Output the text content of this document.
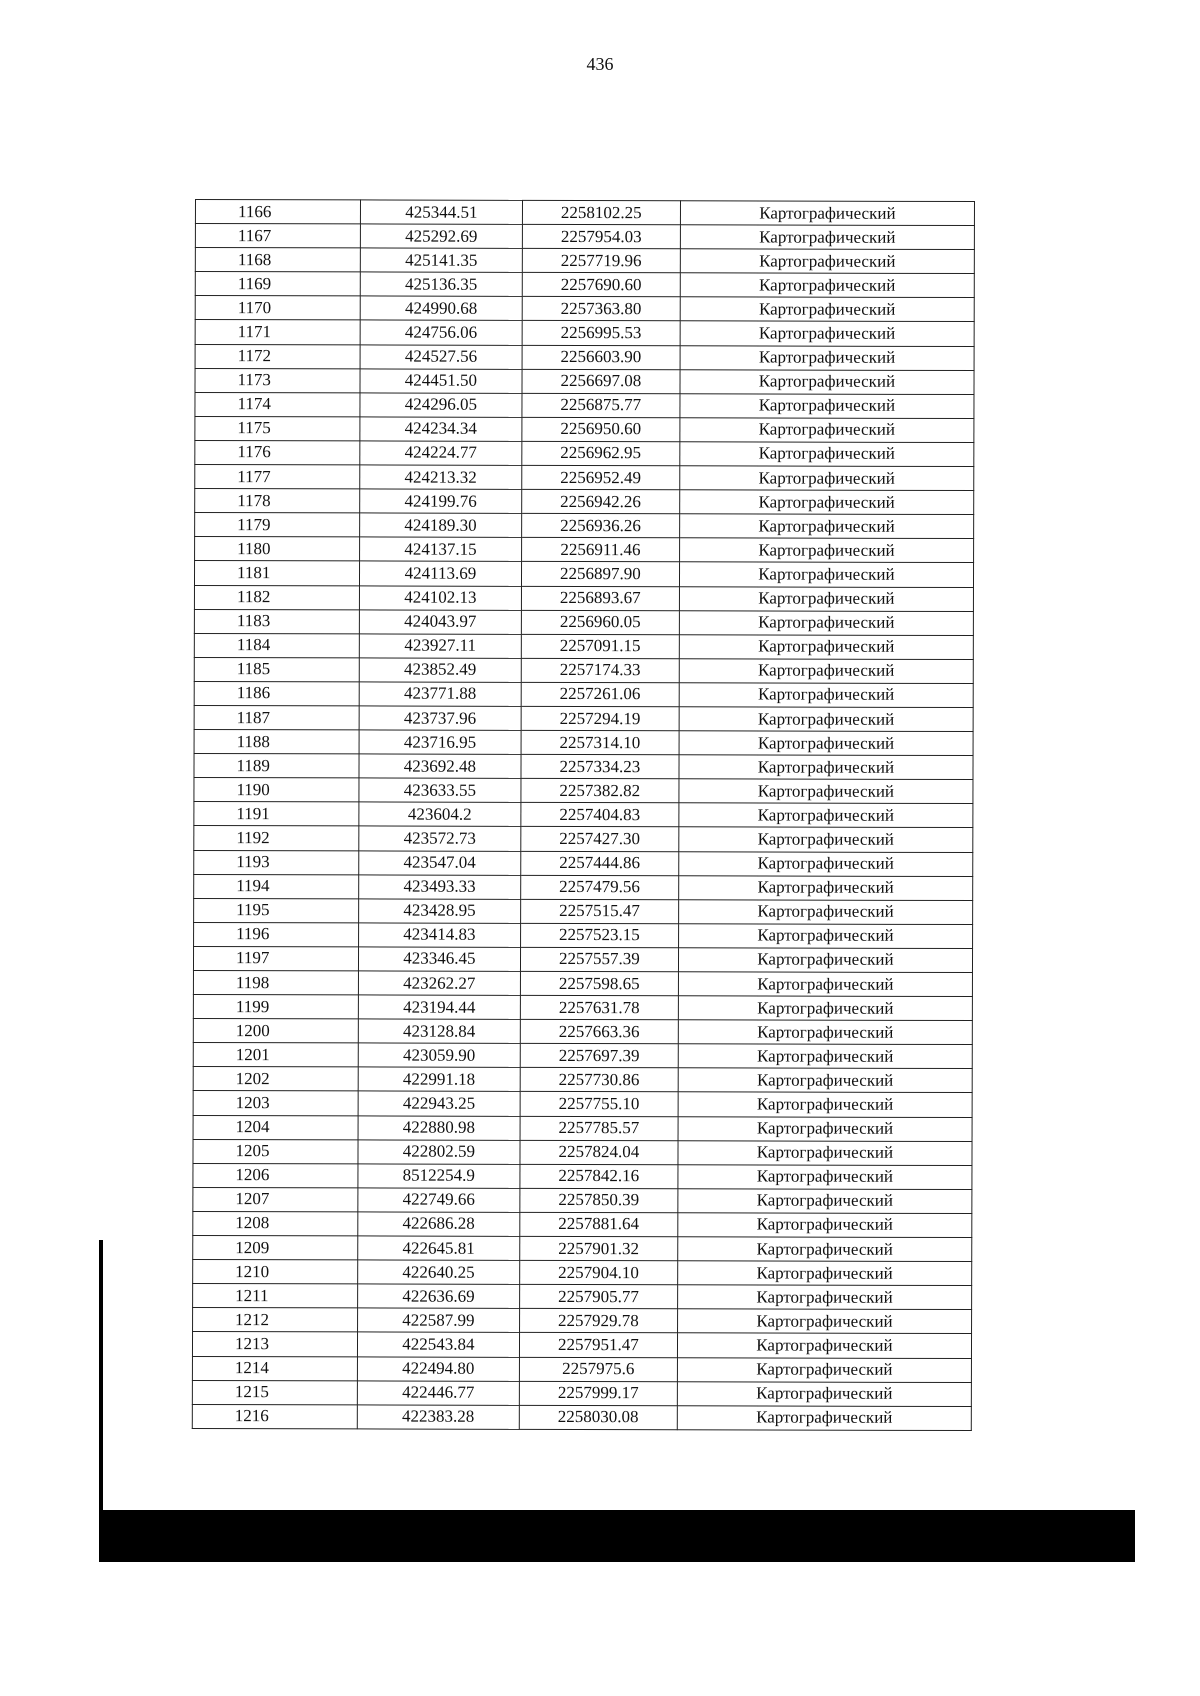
436
1166	425344.51	2258102.25	Картографический
1167	425292.69	2257954.03	Картографический
1168	425141.35	2257719.96	Картографический
1169	425136.35	2257690.60	Картографический
1170	424990.68	2257363.80	Картографический
1171	424756.06	2256995.53	Картографический
1172	424527.56	2256603.90	Картографический
1173	424451.50	2256697.08	Картографический
1174	424296.05	2256875.77	Картографический
1175	424234.34	2256950.60	Картографический
1176	424224.77	2256962.95	Картографический
1177	424213.32	2256952.49	Картографический
1178	424199.76	2256942.26	Картографический
1179	424189.30	2256936.26	Картографический
1180	424137.15	2256911.46	Картографический
1181	424113.69	2256897.90	Картографический
1182	424102.13	2256893.67	Картографический
1183	424043.97	2256960.05	Картографический
1184	423927.11	2257091.15	Картографический
1185	423852.49	2257174.33	Картографический
1186	423771.88	2257261.06	Картографический
1187	423737.96	2257294.19	Картографический
1188	423716.95	2257314.10	Картографический
1189	423692.48	2257334.23	Картографический
1190	423633.55	2257382.82	Картографический
1191	423604.2	2257404.83	Картографический
1192	423572.73	2257427.30	Картографический
1193	423547.04	2257444.86	Картографический
1194	423493.33	2257479.56	Картографический
1195	423428.95	2257515.47	Картографический
1196	423414.83	2257523.15	Картографический
1197	423346.45	2257557.39	Картографический
1198	423262.27	2257598.65	Картографический
1199	423194.44	2257631.78	Картографический
1200	423128.84	2257663.36	Картографический
1201	423059.90	2257697.39	Картографический
1202	422991.18	2257730.86	Картографический
1203	422943.25	2257755.10	Картографический
1204	422880.98	2257785.57	Картографический
1205	422802.59	2257824.04	Картографический
1206	8512254.9	2257842.16	Картографический
1207	422749.66	2257850.39	Картографический
1208	422686.28	2257881.64	Картографический
1209	422645.81	2257901.32	Картографический
1210	422640.25	2257904.10	Картографический
1211	422636.69	2257905.77	Картографический
1212	422587.99	2257929.78	Картографический
1213	422543.84	2257951.47	Картографический
1214	422494.80	2257975.6	Картографический
1215	422446.77	2257999.17	Картографический
1216	422383.28	2258030.08	Картографический
